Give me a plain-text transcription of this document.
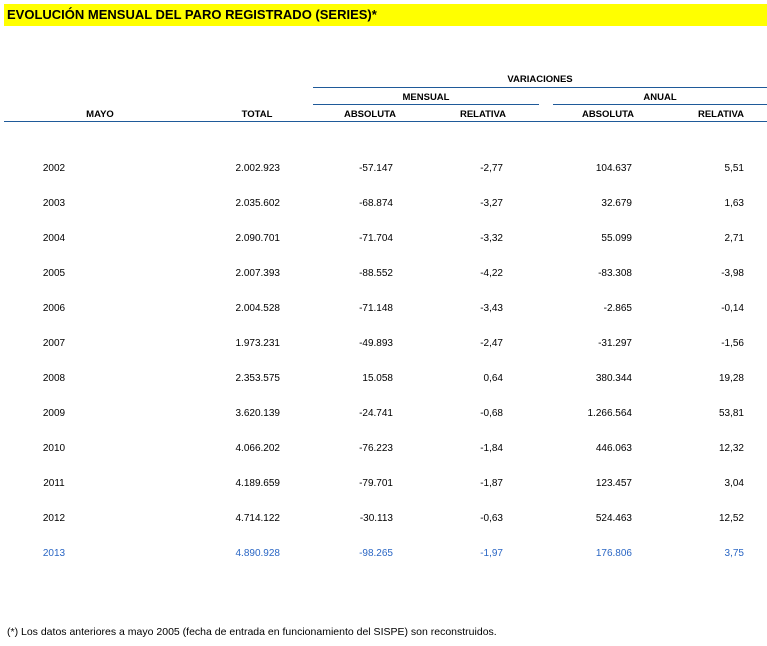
EVOLUCIÓN MENSUAL DEL PARO REGISTRADO (SERIES)*
VARIACIONES
MENSUAL	ANUAL
MAYO	TOTAL	ABSOLUTA	RELATIVA	ABSOLUTA	RELATIVA
2002	2.002.923	-57.147	-2,77	104.637	5,51
2003	2.035.602	-68.874	-3,27	32.679	1,63
2004	2.090.701	-71.704	-3,32	55.099	2,71
2005	2.007.393	-88.552	-4,22	-83.308	-3,98
2006	2.004.528	-71.148	-3,43	-2.865	-0,14
2007	1.973.231	-49.893	-2,47	-31.297	-1,56
2008	2.353.575	15.058	0,64	380.344	19,28
2009	3.620.139	-24.741	-0,68	1.266.564	53,81
2010	4.066.202	-76.223	-1,84	446.063	12,32
2011	4.189.659	-79.701	-1,87	123.457	3,04
2012	4.714.122	-30.113	-0,63	524.463	12,52
2013	4.890.928	-98.265	-1,97	176.806	3,75
(*) Los datos anteriores a mayo 2005 (fecha de entrada en funcionamiento del SISPE) son reconstruidos.
